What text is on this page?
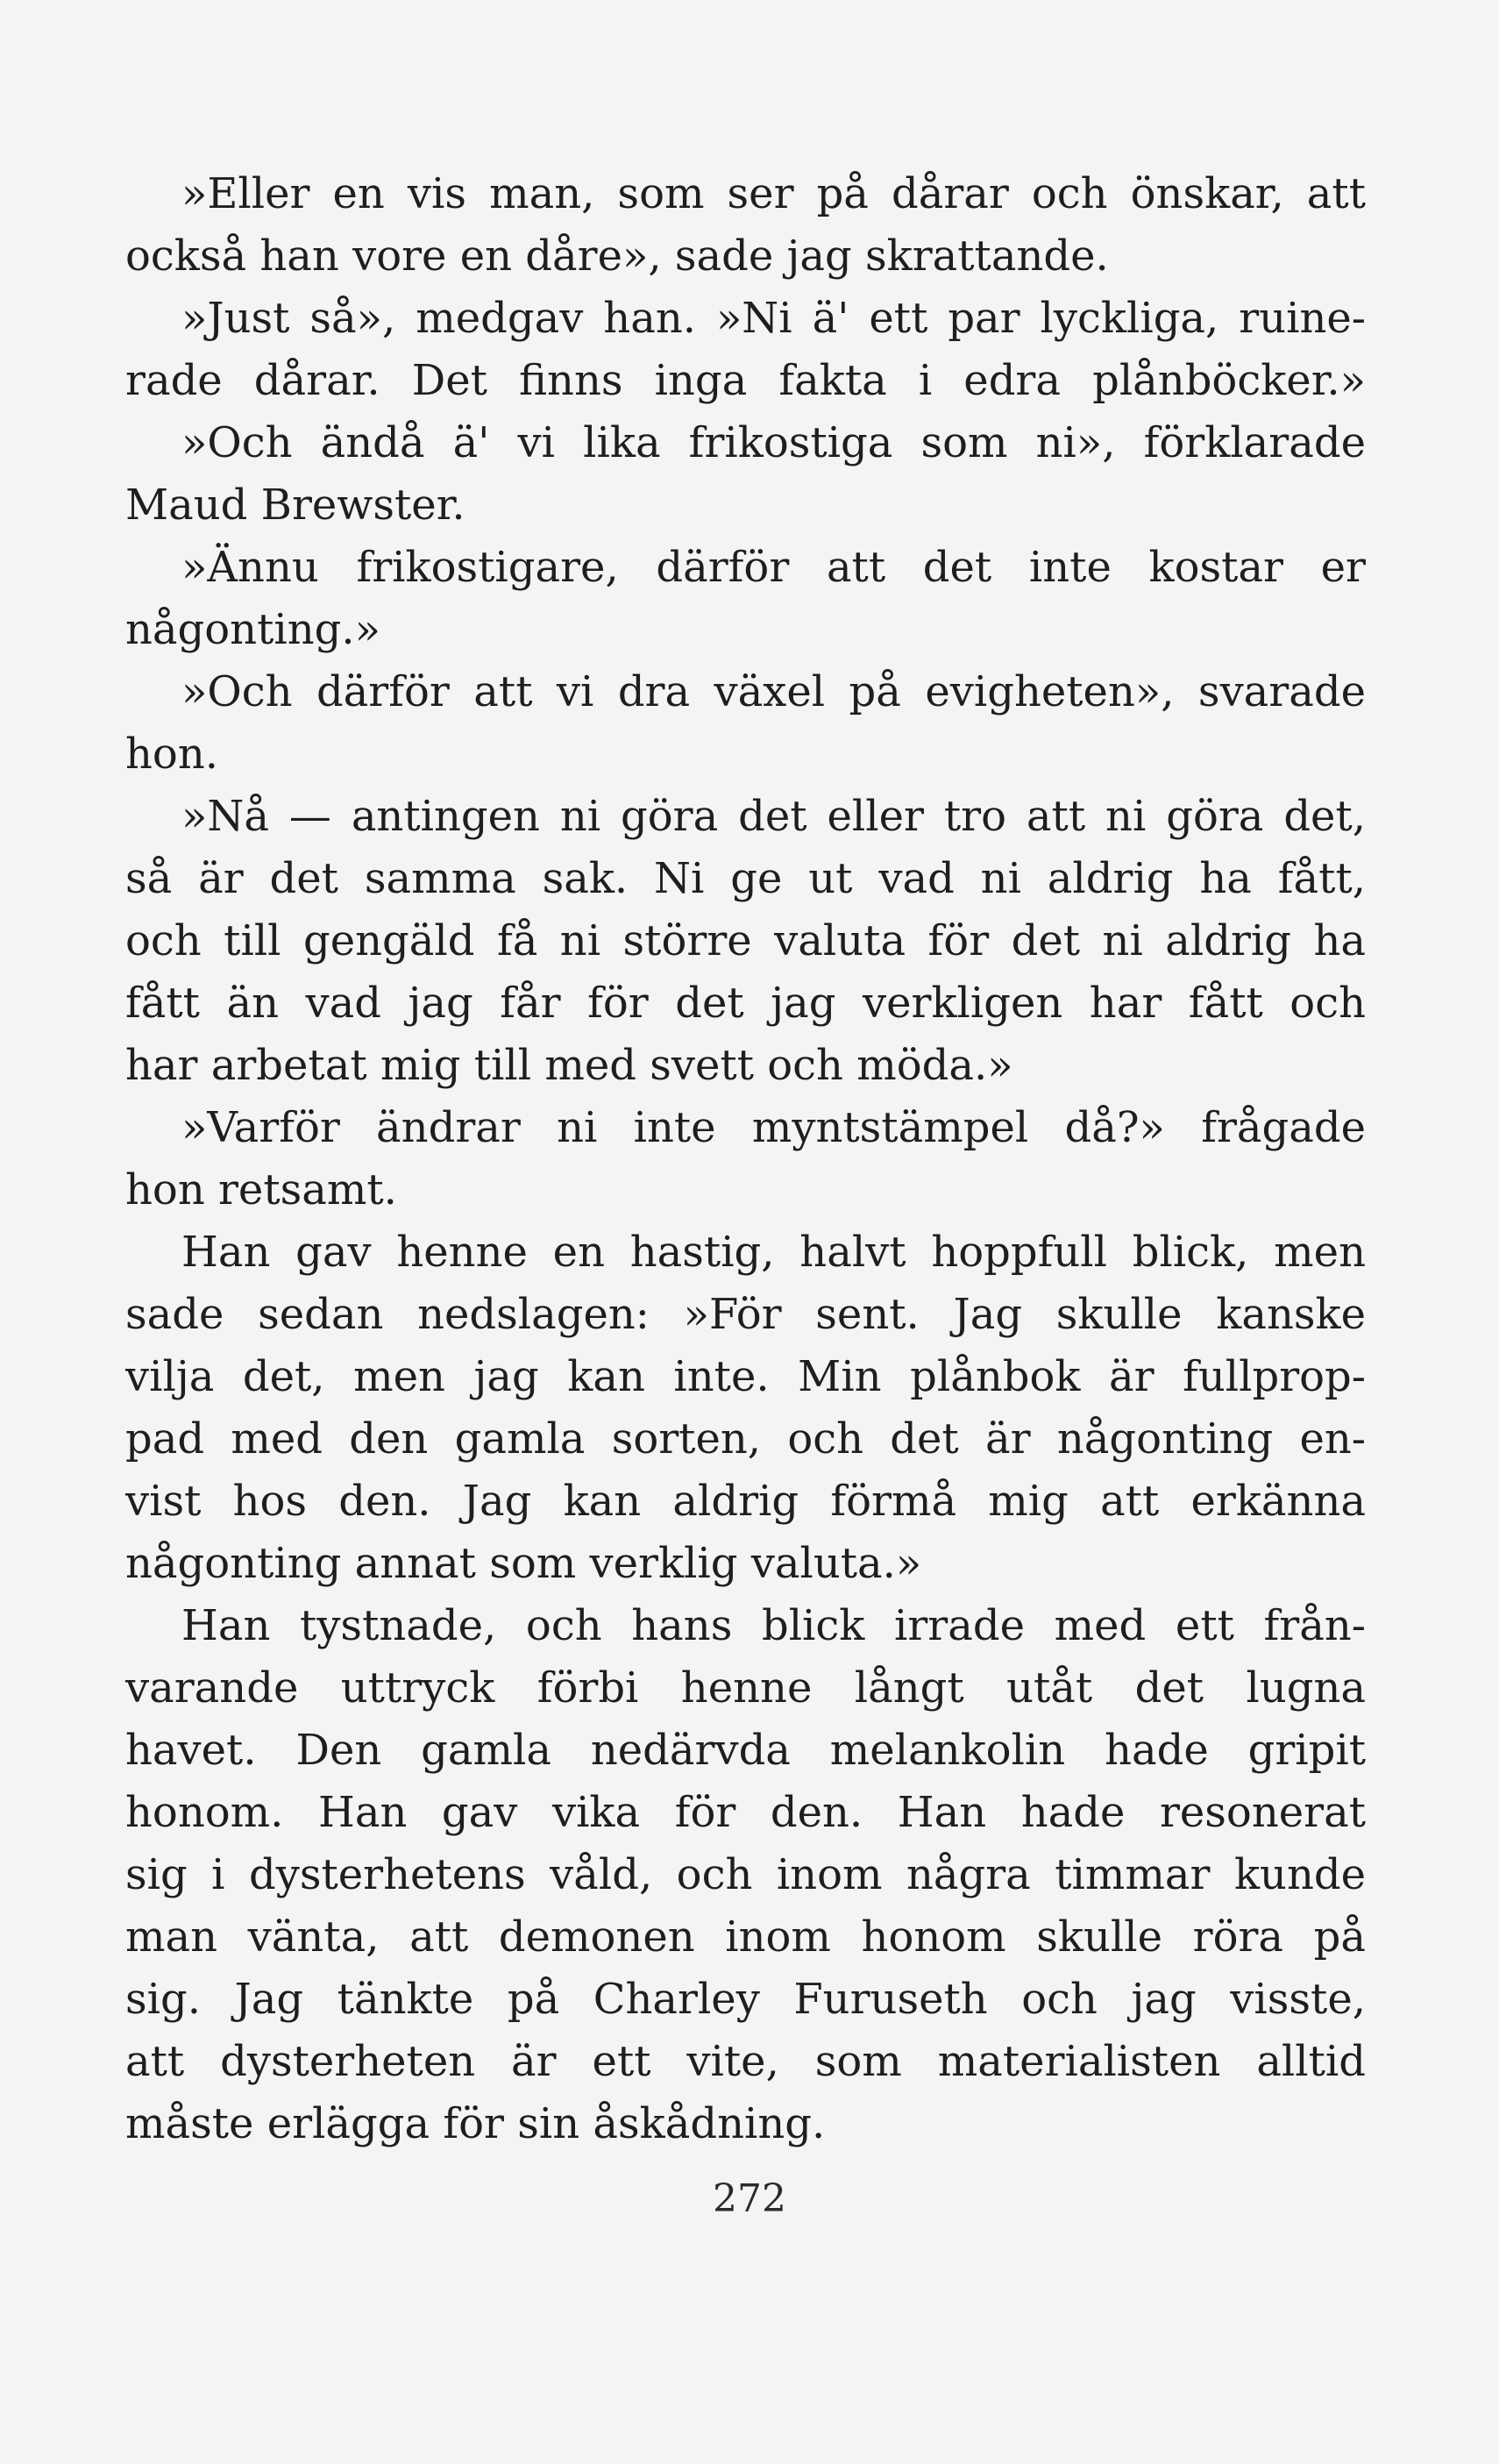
»Eller en vis man, som ser på dårar och önskar, att
också han vore en dåre», sade jag skrattande.
»Just så», medgav han. »Ni ä' ett par lyckliga, ruine-
rade dårar. Det finns inga fakta i edra plånböcker.»
»Och ändå ä' vi lika frikostiga som ni», förklarade
Maud Brewster.
»Ännu frikostigare, därför att det inte kostar er
någonting.»
»Och därför att vi dra växel på evigheten», svarade
hon.
»Nå — antingen ni göra det eller tro att ni göra det,
så är det samma sak. Ni ge ut vad ni aldrig ha fått,
och till gengäld få ni större valuta för det ni aldrig ha
fått än vad jag får för det jag verkligen har fått och
har arbetat mig till med svett och möda.»
»Varför ändrar ni inte myntstämpel då?» frågade
hon retsamt.
Han gav henne en hastig, halvt hoppfull blick, men
sade sedan nedslagen: »För sent. Jag skulle kanske
vilja det, men jag kan inte. Min plånbok är fullprop-
pad med den gamla sorten, och det är någonting en-
vist hos den. Jag kan aldrig förmå mig att erkänna
någonting annat som verklig valuta.»
Han tystnade, och hans blick irrade med ett från-
varande uttryck förbi henne långt utåt det lugna
havet. Den gamla nedärvda melankolin hade gripit
honom. Han gav vika för den. Han hade resonerat
sig i dysterhetens våld, och inom några timmar kunde
man vänta, att demonen inom honom skulle röra på
sig. Jag tänkte på Charley Furuseth och jag visste,
att dysterheten är ett vite, som materialisten alltid
måste erlägga för sin åskådning.
272
